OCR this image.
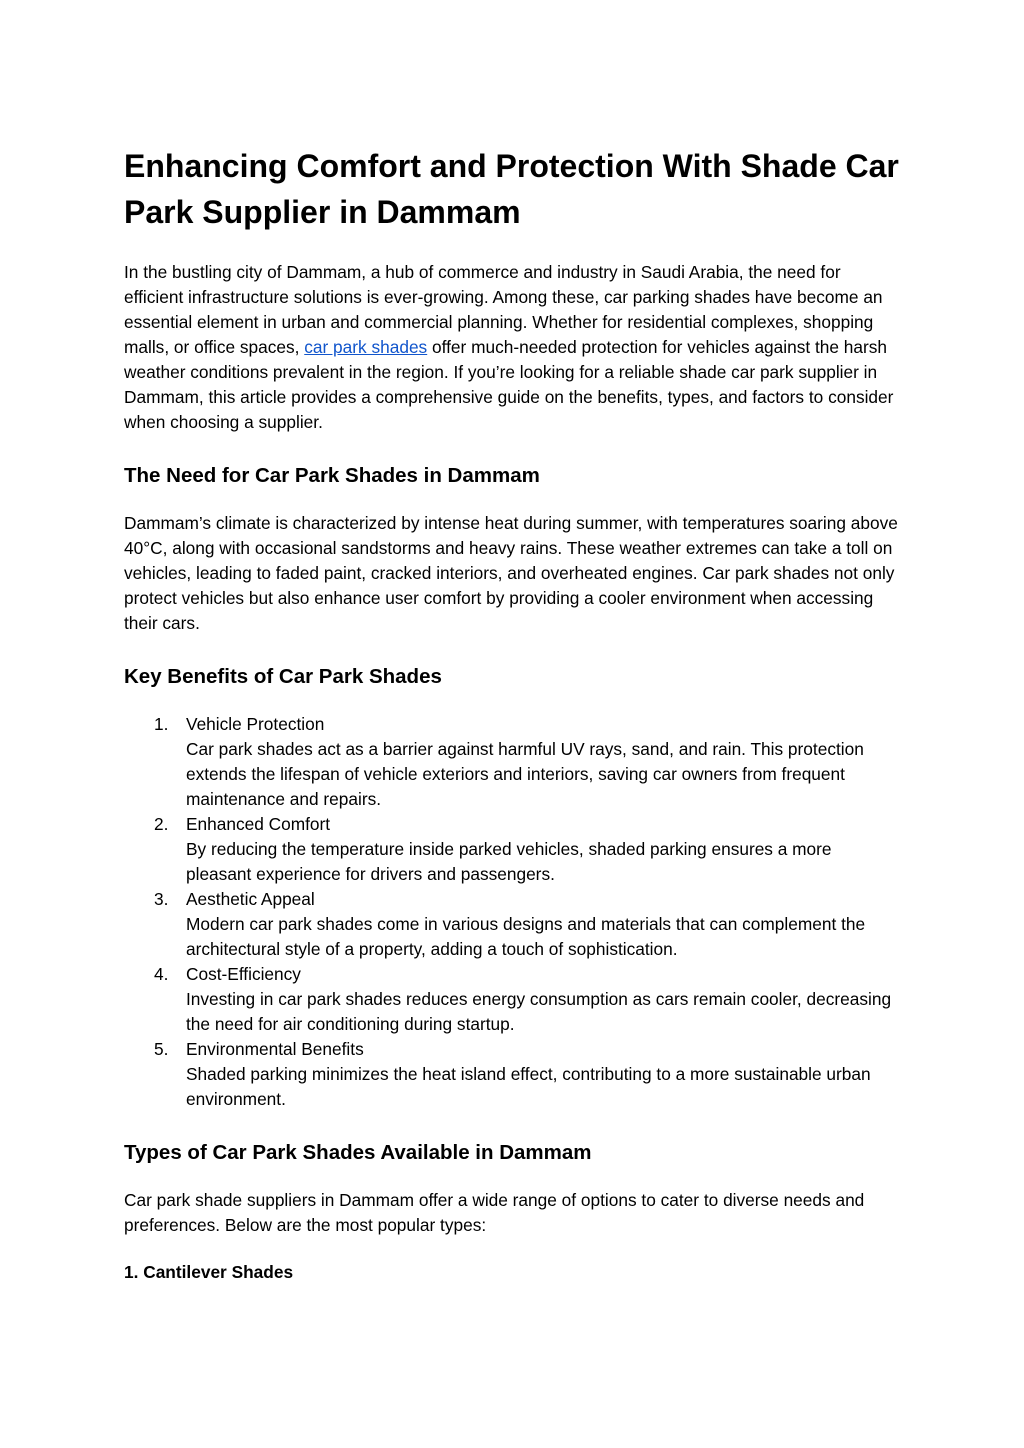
Enhancing Comfort and Protection With Shade Car Park Supplier in Dammam

In the bustling city of Dammam, a hub of commerce and industry in Saudi Arabia, the need for efficient infrastructure solutions is ever-growing. Among these, car parking shades have become an essential element in urban and commercial planning. Whether for residential complexes, shopping malls, or office spaces, car park shades offer much-needed protection for vehicles against the harsh weather conditions prevalent in the region. If you’re looking for a reliable shade car park supplier in Dammam, this article provides a comprehensive guide on the benefits, types, and factors to consider when choosing a supplier.

The Need for Car Park Shades in Dammam

Dammam’s climate is characterized by intense heat during summer, with temperatures soaring above 40°C, along with occasional sandstorms and heavy rains. These weather extremes can take a toll on vehicles, leading to faded paint, cracked interiors, and overheated engines. Car park shades not only protect vehicles but also enhance user comfort by providing a cooler environment when accessing their cars.

Key Benefits of Car Park Shades
1. Vehicle Protection
Car park shades act as a barrier against harmful UV rays, sand, and rain. This protection extends the lifespan of vehicle exteriors and interiors, saving car owners from frequent maintenance and repairs.
2. Enhanced Comfort
By reducing the temperature inside parked vehicles, shaded parking ensures a more pleasant experience for drivers and passengers.
3. Aesthetic Appeal
Modern car park shades come in various designs and materials that can complement the architectural style of a property, adding a touch of sophistication.
4. Cost-Efficiency
Investing in car park shades reduces energy consumption as cars remain cooler, decreasing the need for air conditioning during startup.
5. Environmental Benefits
Shaded parking minimizes the heat island effect, contributing to a more sustainable urban environment.
Types of Car Park Shades Available in Dammam

Car park shade suppliers in Dammam offer a wide range of options to cater to diverse needs and preferences. Below are the most popular types:

1. Cantilever Shades
